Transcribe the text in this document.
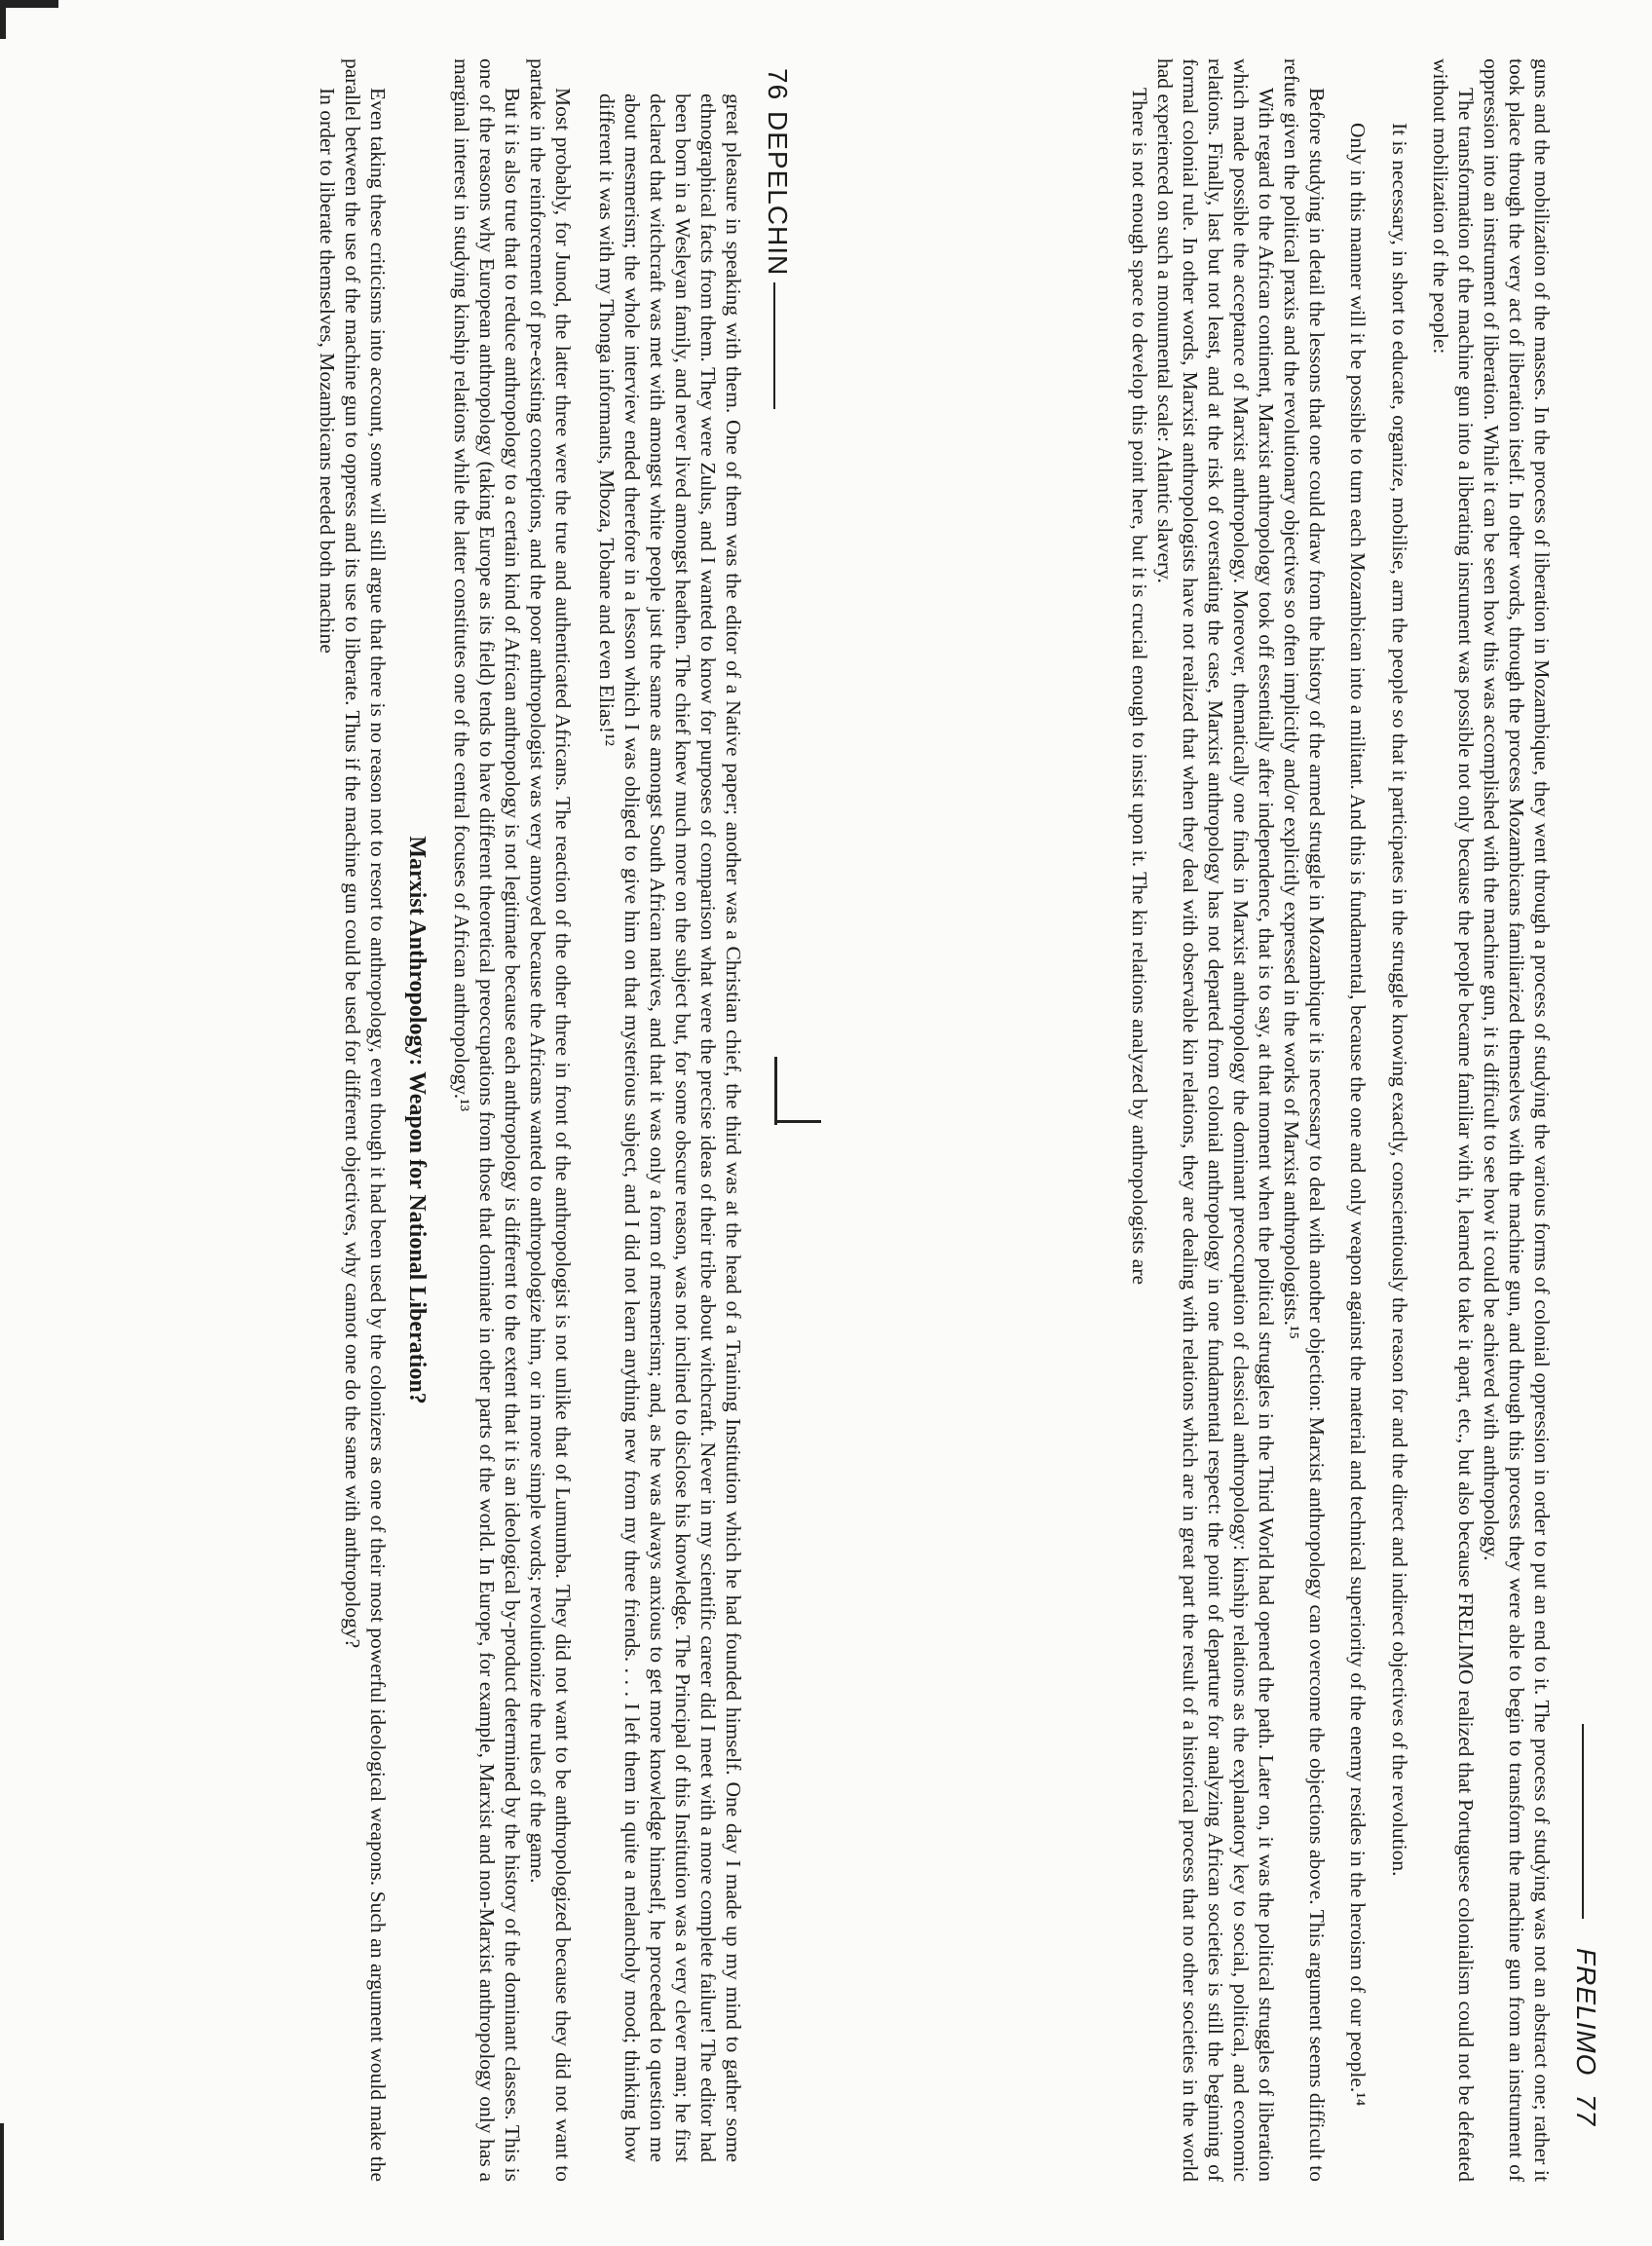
76
DEPELCHIN

great pleasure in speaking with them. One of them was the editor of a Native paper; another was a Christian chief, the third was at the head of a Training Institution which he had founded himself. One day I made up my mind to gather some ethnographical facts from them. They were Zulus, and I wanted to know for purposes of comparison what were the precise ideas of their tribe about witchcraft. Never in my scientific career did I meet with a more complete failure! The editor had been born in a Wesleyan family, and never lived amongst heathen. The chief knew much more on the subject but, for some obscure reason, was not inclined to disclose his knowledge. The Principal of this Institution was a very clever man; he first declared that witchcraft was met with amongst white people just the same as amongst South African natives, and that it was only a form of mesmerism; and, as he was always anxious to get more knowledge himself, he proceeded to question me about mesmerism; the whole interview ended therefore in a lesson which I was obliged to give him on that mysterious subject, and I did not learn anything new from my three friends. . . . I left them in quite a melancholy mood; thinking how different it was with my Thonga informants, Mboza, Tobane and even Elias!¹²

Most probably, for Junod, the latter three were the true and authenticated Africans. The reaction of the other three in front of the anthropologist is not unlike that of Lumumba. They did not want to be anthropologized because they did not want to partake in the reinforcement of pre-existing conceptions, and the poor anthropologist was very annoyed because the Africans wanted to anthropologize him, or in more simple words; revolutionize the rules of the game.

But it is also true that to reduce anthropology to a certain kind of African anthropology is not legitimate because each anthropology is different to the extent that it is an ideological by-product determined by the history of the dominant classes. This is one of the reasons why European anthropology (taking Europe as its field) tends to have different theoretical preoccupations from those that dominate in other parts of the world. In Europe, for example, Marxist and non-Marxist anthropology only has a marginal interest in studying kinship relations while the latter constitutes one of the central focuses of African anthropology.¹³

Marxist Anthropology: Weapon for National Liberation?

Even taking these criticisms into account, some will still argue that there is no reason not to resort to anthropology, even though it had been used by the colonizers as one of their most powerful ideological weapons. Such an argument would make the parallel between the use of the machine gun to oppress and its use to liberate. Thus if the machine gun could be used for different objectives, why cannot one do the same with anthropology?

In order to liberate themselves, Mozambicans needed both machine

FRELIMO
77

guns and the mobilization of the masses. In the process of liberation in Mozambique, they went through a process of studying the various forms of colonial oppression in order to put an end to it. The process of studying was not an abstract one; rather it took place through the very act of liberation itself. In other words, through the process Mozambicans familiarized themselves with the machine gun, and through this process they were able to begin to transform the machine gun from an instrument of oppression into an instrument of liberation. While it can be seen how this was accomplished with the machine gun, it is difficult to see how it could be achieved with anthropology.

The transformation of the machine gun into a liberating insrument was possible not only because the people became familiar with it, learned to take it apart, etc., but also because FRELIMO realized that Portuguese colonialism could not be defeated without mobilization of the people:

It is necessary, in short to educate, organize, mobilise, arm the people so that it participates in the struggle knowing exactly, conscientiously the reason for and the direct and indirect objectives of the revolution.

Only in this manner will it be possible to turn each Mozambican into a militant. And this is fundamental, because the one and only weapon against the material and technical superiority of the enemy resides in the heroism of our people.¹⁴

Before studying in detail the lessons that one could draw from the history of the armed struggle in Mozambique it is necessary to deal with another objection: Marxist anthropology can overcome the objections above. This argument seems difficult to refute given the political praxis and the revolutionary objectives so often implicitly and/or explicitly expressed in the works of Marxist anthropologists.¹⁵

With regard to the African continent, Marxist anthropology took off essentially after independence, that is to say, at that moment when the political struggles in the Third World had opened the path. Later on, it was the political struggles of liberation which made possible the acceptance of Marxist anthropology. Moreover, thematically one finds in Marxist anthropology the dominant preoccupation of classical anthropology: kinship relations as the explanatory key to social, political, and economic relations. Finally, last but not least, and at the risk of overstating the case, Marxist anthropology has not departed from colonial anthropology in one fundamental respect: the point of departure for analyzing African societies is still the beginning of formal colonial rule. In other words, Marxist anthropologists have not realized that when they deal with observable kin relations, they are dealing with relations which are in great part the result of a historical process that no other societies in the world had experienced on such a monumental scale: Atlantic slavery.

There is not enough space to develop this point here, but it is crucial enough to insist upon it. The kin relations analyzed by anthropologists are
